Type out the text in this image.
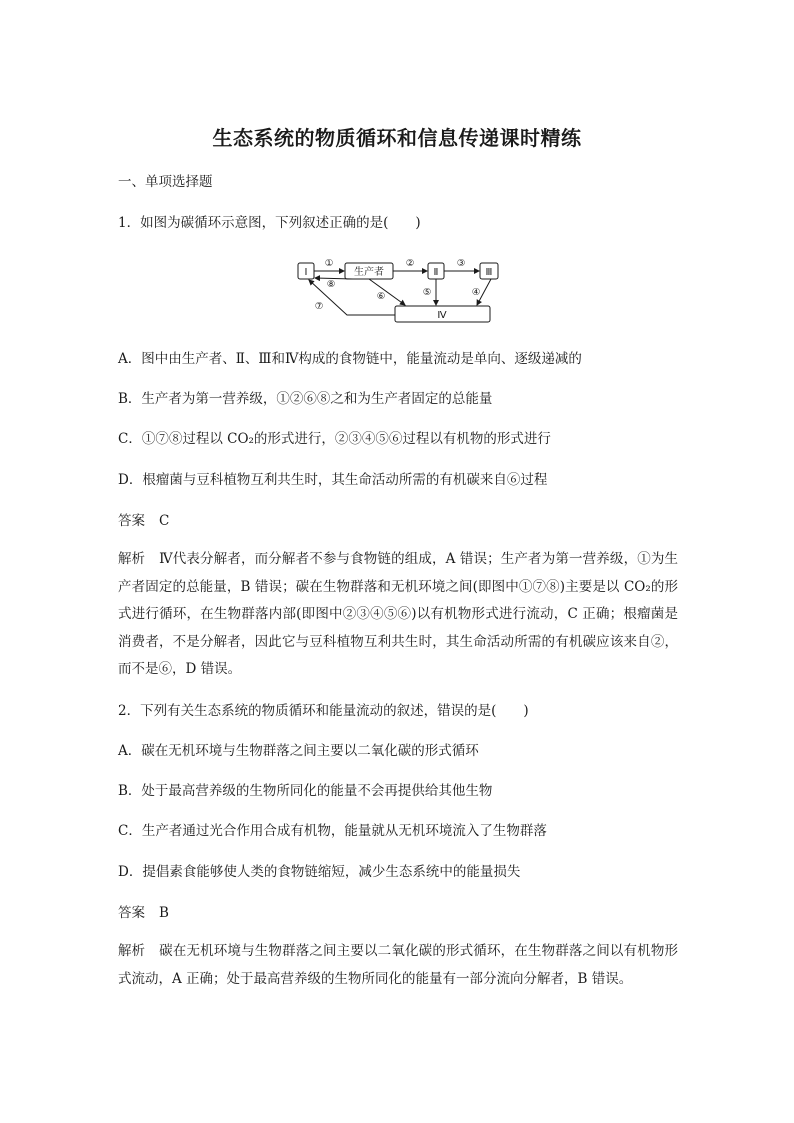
生态系统的物质循环和信息传递课时精练
一、单项选择题
1．如图为碳循环示意图，下列叙述正确的是(　　)
Ⅰ	生产者	Ⅱ	Ⅲ
Ⅳ
①	②	③
④
⑤
⑥
⑧
⑦
A．图中由生产者、Ⅱ、Ⅲ和Ⅳ构成的食物链中，能量流动是单向、逐级递减的
B．生产者为第一营养级，①②⑥⑧之和为生产者固定的总能量
C．①⑦⑧过程以 CO₂的形式进行，②③④⑤⑥过程以有机物的形式进行
D．根瘤菌与豆科植物互利共生时，其生命活动所需的有机碳来自⑥过程
答案 C
解析 Ⅳ代表分解者，而分解者不参与食物链的组成，A 错误；生产者为第一营养级，①为生产者固定的总能量，B 错误；碳在生物群落和无机环境之间(即图中①⑦⑧)主要是以 CO₂的形式进行循环，在生物群落内部(即图中②③④⑤⑥)以有机物形式进行流动，C 正确；根瘤菌是消费者，不是分解者，因此它与豆科植物互利共生时，其生命活动所需的有机碳应该来自②，而不是⑥，D 错误。
2．下列有关生态系统的物质循环和能量流动的叙述，错误的是(　　)
A．碳在无机环境与生物群落之间主要以二氧化碳的形式循环
B．处于最高营养级的生物所同化的能量不会再提供给其他生物
C．生产者通过光合作用合成有机物，能量就从无机环境流入了生物群落
D．提倡素食能够使人类的食物链缩短，减少生态系统中的能量损失
答案 B
解析 碳在无机环境与生物群落之间主要以二氧化碳的形式循环，在生物群落之间以有机物形式流动，A 正确；处于最高营养级的生物所同化的能量有一部分流向分解者，B 错误。
